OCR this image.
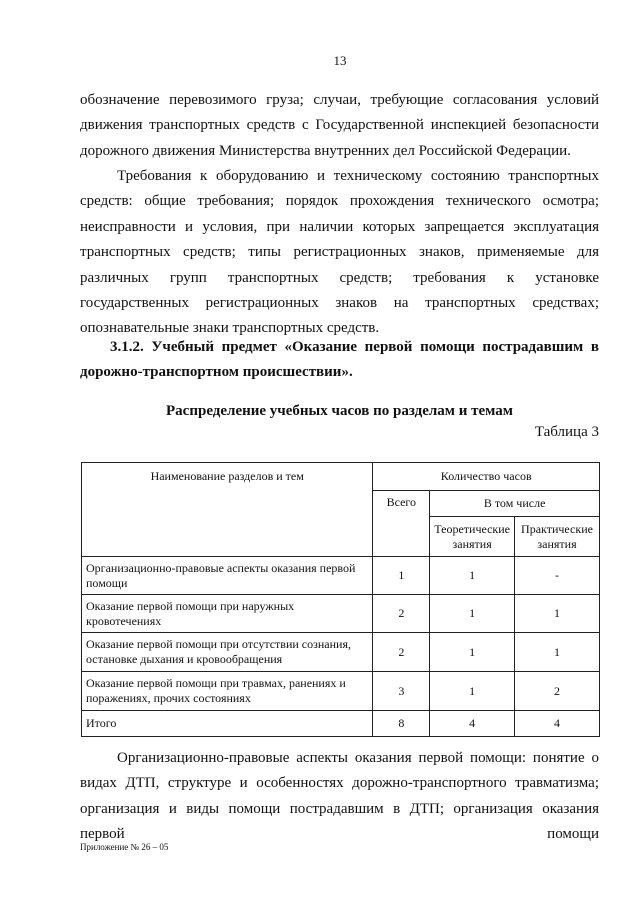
13

обозначение перевозимого груза; случаи, требующие согласования условий движения транспортных средств с Государственной инспекцией безопасности дорожного движения Министерства внутренних дел Российской Федерации.

Требования к оборудованию и техническому состоянию транспортных средств: общие требования; порядок прохождения технического осмотра; неисправности и условия, при наличии которых запрещается эксплуатация транспортных средств; типы регистрационных знаков, применяемые для различных групп транспортных средств; требования к установке государственных регистрационных знаков на транспортных средствах; опознавательные знаки транспортных средств.

3.1.2. Учебный предмет «Оказание первой помощи пострадавшим в дорожно-транспортном происшествии».

Распределение учебных часов по разделам и темам
Таблица 3
Наименование разделов и тем	Количество часов		
	Всего	В том числе	
		Теоретические занятия	Практические занятия
Организационно-правовые аспекты оказания первой помощи	1	1	-
Оказание первой помощи при наружных кровотечениях	2	1	1
Оказание первой помощи при отсутствии сознания, остановке дыхания и кровообращения	2	1	1
Оказание первой помощи при травмах, ранениях и поражениях, прочих состояниях	3	1	2
Итого	8	4	4

Организационно-правовые аспекты оказания первой помощи: понятие о видах ДТП, структуре и особенностях дорожно-транспортного травматизма; организация и виды помощи пострадавшим в ДТП; организация оказания первой помощи

Приложение № 26 – 05
